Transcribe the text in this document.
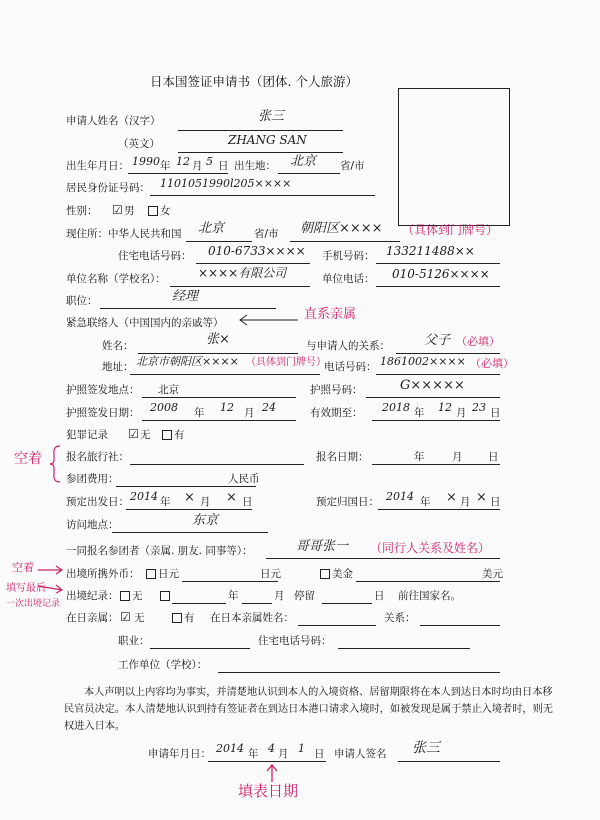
日本国签证申请书（团体. 个人旅游）
申请人姓名（汉字）	张三
（英文）	ZHANG SAN
出生年月日： 1990 年 12 月 5 日 出生地： 北京 省/市
居民身份证号码： 1101051990l205××××
性别： ☑ 男 女
现住所：中华人民共和国 北京	省/市 朝阳区×××× （具体到门牌号）
住宅电话号码： 010-6733×××× 手机号码： 133211488××
单位名称（学校名）：	××××有限公司	单位电话： 010-5126××××
职位：	经理
紧急联络人（中国国内的亲戚等）
直系亲属
姓名：	张×	与申请人的关系：	父子 （必填）
地址： 北京市朝阳区×××× （具体到门牌号）
电话号码： 1861002×××× （必填）
护照签发地点： 北京	护照号码：	G×××××
护照签发日期： 2008 年 12 月 24	有效期至： 2018 年 12 月 23 日
犯罪记录 ☑ 无 有
空着 报名旅行社：	报名日期：	年	月 日
参团费用：	人民币
预定出发日： 2014 年 × 月 × 日	预定归国日： 2014 年 × 月 × 日
访问地点：	东京
一同报名参团者（亲属. 朋友. 同事等）：	哥哥张一 （同行人关系及姓名）
空着
填写最后
一次出境记录
出境所携外币： 日元	日元	美金	美元
出境纪录： 无	年	月 停留	日 前往国家名。
在日亲属： ☑ 无	有 在日本亲属姓名：	关系：
职业：	住宅电话号码：
工作单位（学校）：
本人声明以上内容均为事实，并清楚地认识到本人的入境资格、居留期限将在本人到达日本时均由日本移民官员决定。本人清楚地认识到持有签证者在到达日本港口请求入境时，如被发现是属于禁止入境者时，则无权进入日本。
申请年月日： 2014 年 4 月 1 日 申请人签名 张三
填表日期
